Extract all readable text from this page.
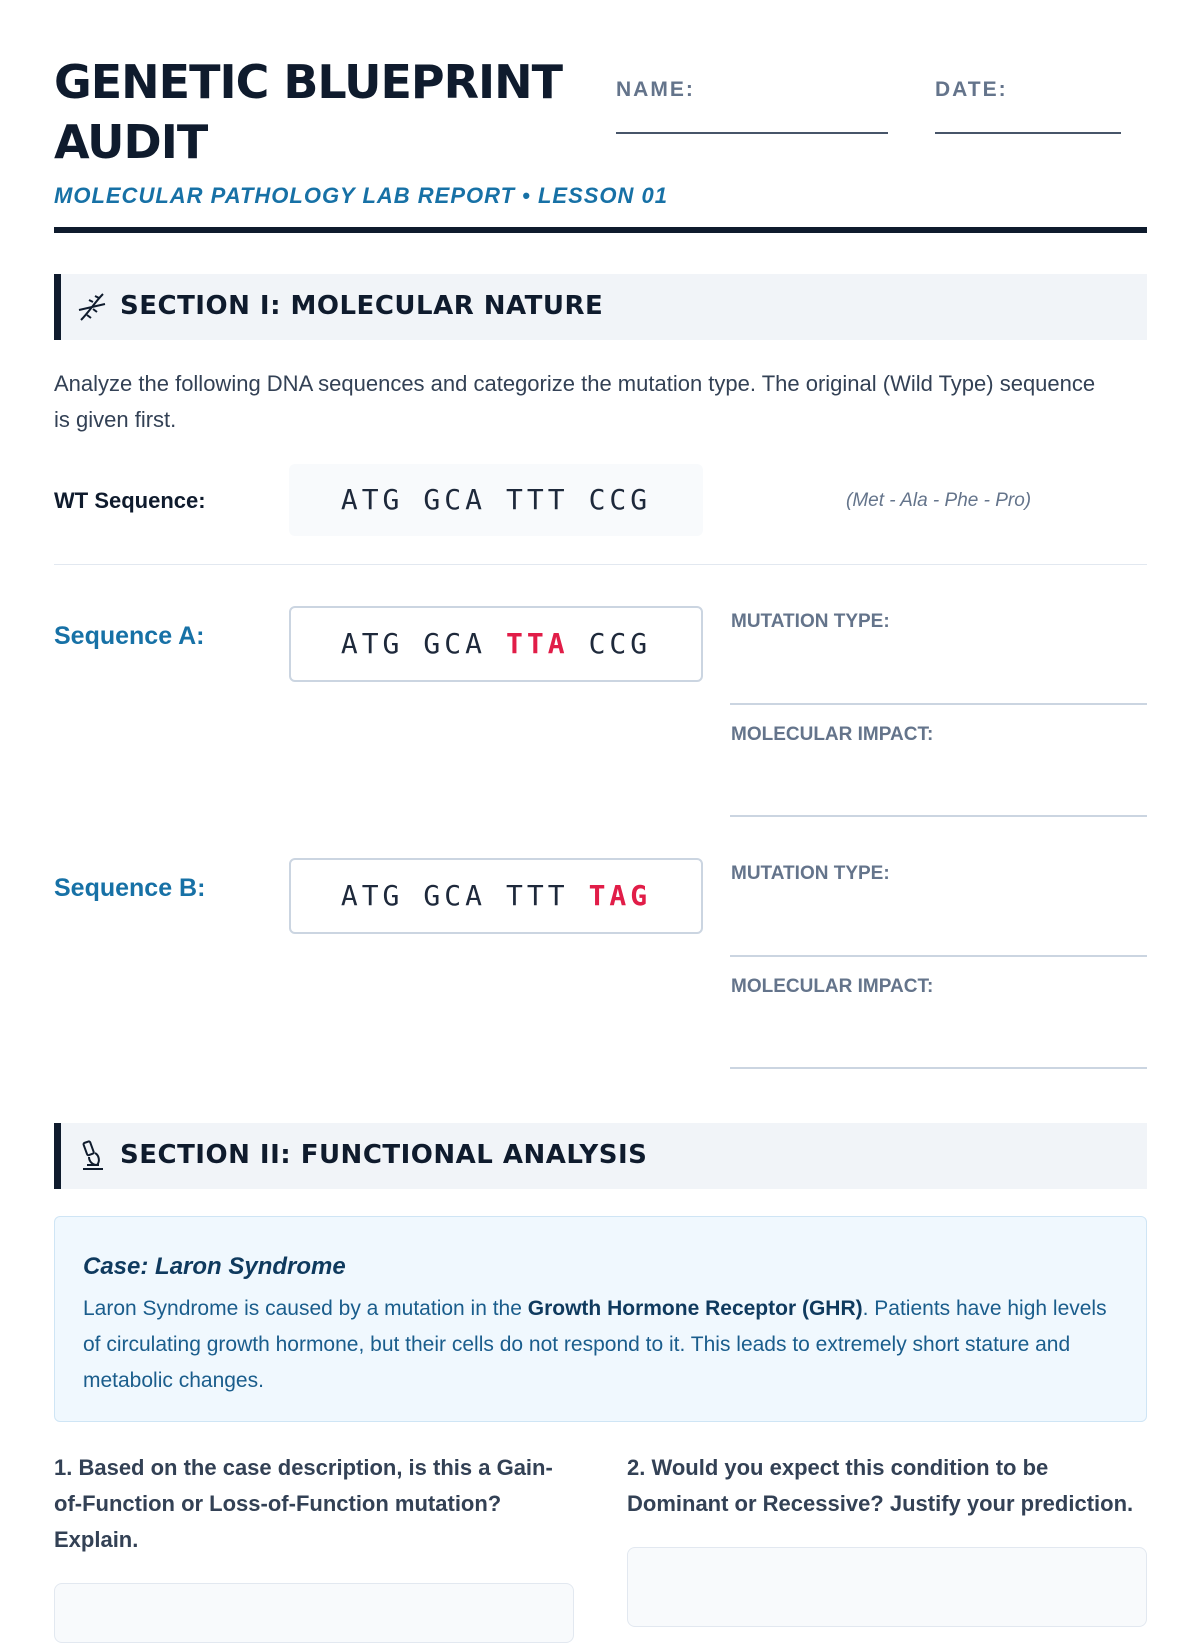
GENETIC BLUEPRINT AUDIT
MOLECULAR PATHOLOGY LAB REPORT • LESSON 01
NAME:	DATE:
SECTION I: MOLECULAR NATURE
Analyze the following DNA sequences and categorize the mutation type. The original (Wild Type) sequence is given first.
WT Sequence:	ATG GCA TTT CCG	(Met - Ala - Phe - Pro)
Sequence A:	ATG GCA TTA CCG
MUTATION TYPE:
MOLECULAR IMPACT:
Sequence B:	ATG GCA TTT TAG
MUTATION TYPE:
MOLECULAR IMPACT:
SECTION II: FUNCTIONAL ANALYSIS
Case: Laron Syndrome
Laron Syndrome is caused by a mutation in the Growth Hormone Receptor (GHR). Patients have high levels of circulating growth hormone, but their cells do not respond to it. This leads to extremely short stature and metabolic changes.
1. Based on the case description, is this a Gain-of-Function or Loss-of-Function mutation? Explain.
2. Would you expect this condition to be Dominant or Recessive? Justify your prediction.
